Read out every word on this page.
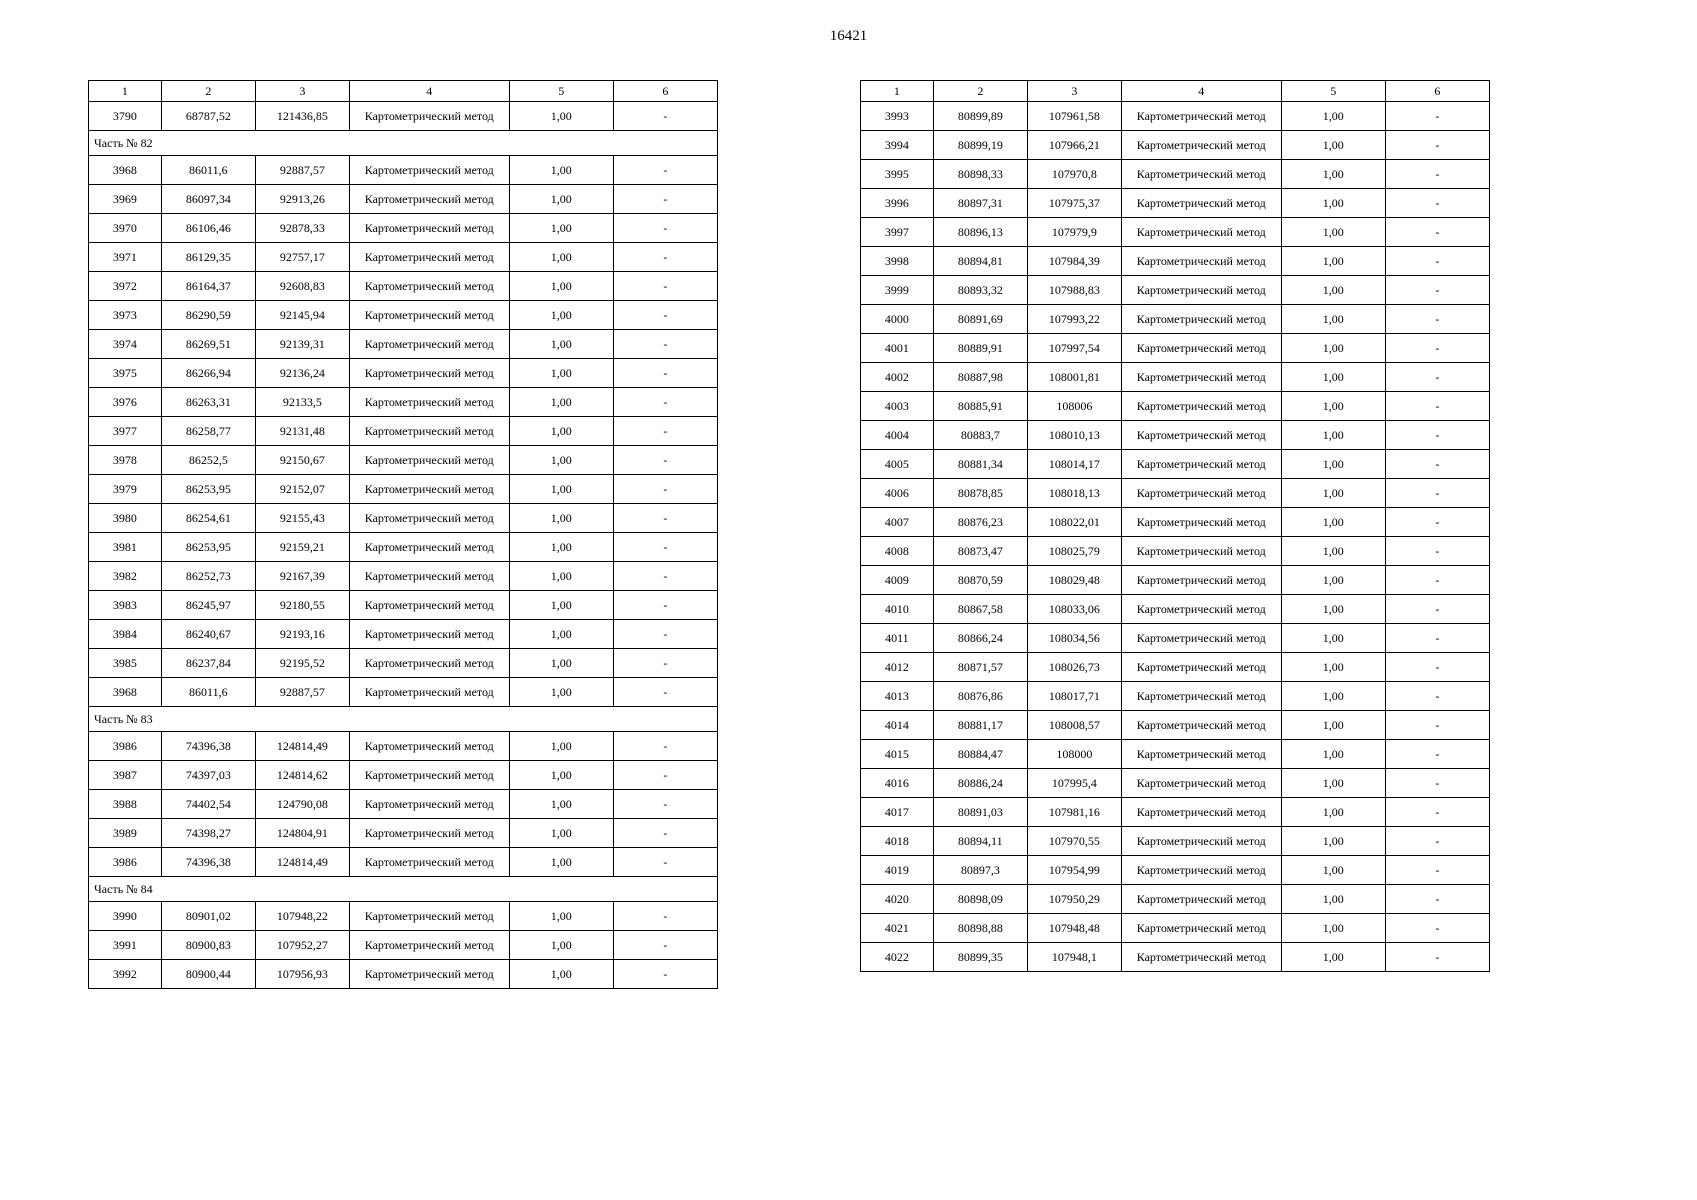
16421
1	2	3	4	5	6
3790	68787,52	121436,85	Картометрический метод	1,00	-
Часть № 82					
3968	86011,6	92887,57	Картометрический метод	1,00	-
3969	86097,34	92913,26	Картометрический метод	1,00	-
3970	86106,46	92878,33	Картометрический метод	1,00	-
3971	86129,35	92757,17	Картометрический метод	1,00	-
3972	86164,37	92608,83	Картометрический метод	1,00	-
3973	86290,59	92145,94	Картометрический метод	1,00	-
3974	86269,51	92139,31	Картометрический метод	1,00	-
3975	86266,94	92136,24	Картометрический метод	1,00	-
3976	86263,31	92133,5	Картометрический метод	1,00	-
3977	86258,77	92131,48	Картометрический метод	1,00	-
3978	86252,5	92150,67	Картометрический метод	1,00	-
3979	86253,95	92152,07	Картометрический метод	1,00	-
3980	86254,61	92155,43	Картометрический метод	1,00	-
3981	86253,95	92159,21	Картометрический метод	1,00	-
3982	86252,73	92167,39	Картометрический метод	1,00	-
3983	86245,97	92180,55	Картометрический метод	1,00	-
3984	86240,67	92193,16	Картометрический метод	1,00	-
3985	86237,84	92195,52	Картометрический метод	1,00	-
3968	86011,6	92887,57	Картометрический метод	1,00	-
Часть № 83					
3986	74396,38	124814,49	Картометрический метод	1,00	-
3987	74397,03	124814,62	Картометрический метод	1,00	-
3988	74402,54	124790,08	Картометрический метод	1,00	-
3989	74398,27	124804,91	Картометрический метод	1,00	-
3986	74396,38	124814,49	Картометрический метод	1,00	-
Часть № 84					
3990	80901,02	107948,22	Картометрический метод	1,00	-
3991	80900,83	107952,27	Картометрический метод	1,00	-
3992	80900,44	107956,93	Картометрический метод	1,00	-
1	2	3	4	5	6
3993	80899,89	107961,58	Картометрический метод	1,00	-
3994	80899,19	107966,21	Картометрический метод	1,00	-
3995	80898,33	107970,8	Картометрический метод	1,00	-
3996	80897,31	107975,37	Картометрический метод	1,00	-
3997	80896,13	107979,9	Картометрический метод	1,00	-
3998	80894,81	107984,39	Картометрический метод	1,00	-
3999	80893,32	107988,83	Картометрический метод	1,00	-
4000	80891,69	107993,22	Картометрический метод	1,00	-
4001	80889,91	107997,54	Картометрический метод	1,00	-
4002	80887,98	108001,81	Картометрический метод	1,00	-
4003	80885,91	108006	Картометрический метод	1,00	-
4004	80883,7	108010,13	Картометрический метод	1,00	-
4005	80881,34	108014,17	Картометрический метод	1,00	-
4006	80878,85	108018,13	Картометрический метод	1,00	-
4007	80876,23	108022,01	Картометрический метод	1,00	-
4008	80873,47	108025,79	Картометрический метод	1,00	-
4009	80870,59	108029,48	Картометрический метод	1,00	-
4010	80867,58	108033,06	Картометрический метод	1,00	-
4011	80866,24	108034,56	Картометрический метод	1,00	-
4012	80871,57	108026,73	Картометрический метод	1,00	-
4013	80876,86	108017,71	Картометрический метод	1,00	-
4014	80881,17	108008,57	Картометрический метод	1,00	-
4015	80884,47	108000	Картометрический метод	1,00	-
4016	80886,24	107995,4	Картометрический метод	1,00	-
4017	80891,03	107981,16	Картометрический метод	1,00	-
4018	80894,11	107970,55	Картометрический метод	1,00	-
4019	80897,3	107954,99	Картометрический метод	1,00	-
4020	80898,09	107950,29	Картометрический метод	1,00	-
4021	80898,88	107948,48	Картометрический метод	1,00	-
4022	80899,35	107948,1	Картометрический метод	1,00	-
